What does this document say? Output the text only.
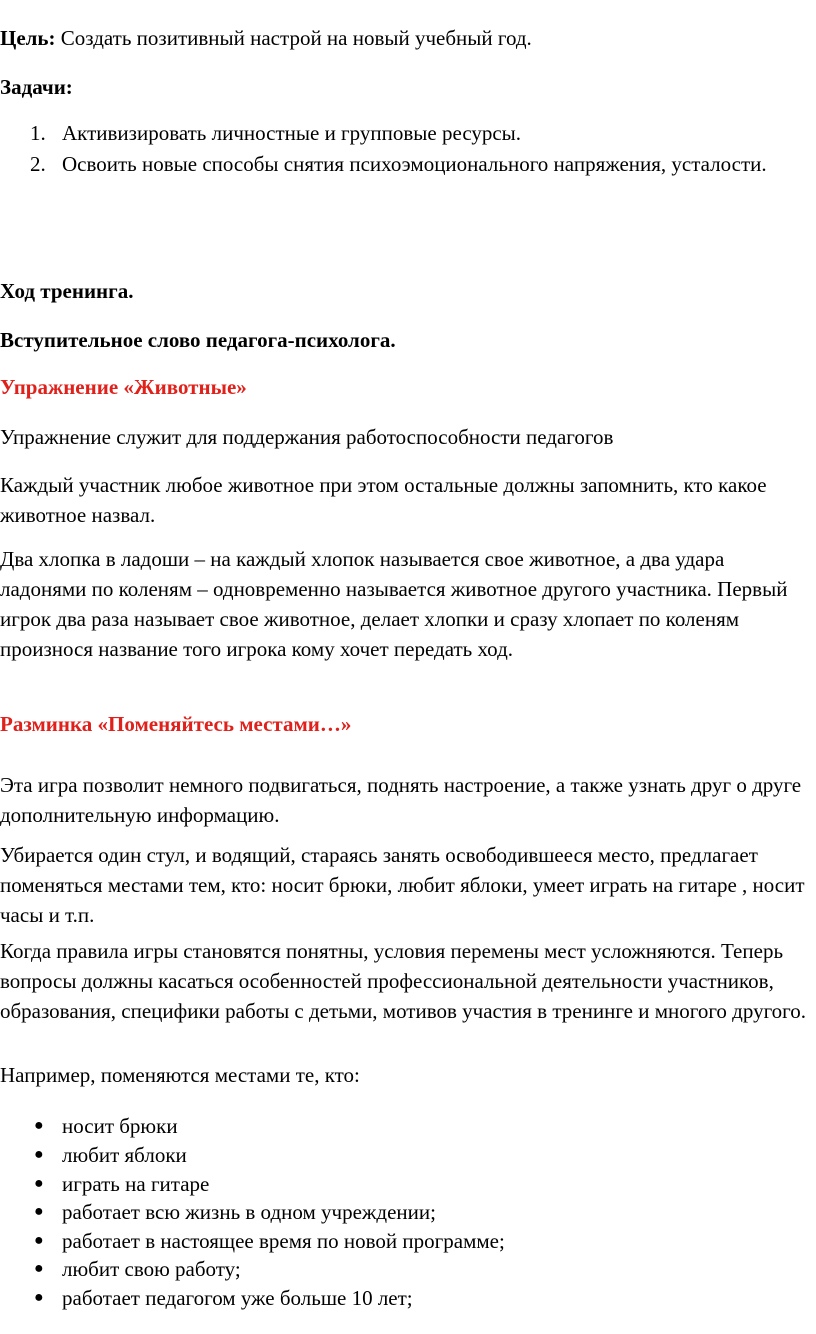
Цель: Создать позитивный настрой на новый учебный год.

Задачи:

1. Активизировать личностные и групповые ресурсы.
2. Освоить новые способы снятия психоэмоционального напряжения, усталости.

Ход тренинга.

Вступительное слово педагога-психолога.

Упражнение «Животные»

Упражнение служит для поддержания работоспособности педагогов

Каждый участник любое животное при этом остальные должны запомнить, кто какое животное назвал.

Два хлопка в ладоши – на каждый хлопок называется свое животное, а два удара ладонями по коленям – одновременно называется животное другого участника. Первый игрок два раза называет свое животное, делает хлопки и сразу хлопает по коленям произнося название того игрока кому хочет передать ход.

Разминка «Поменяйтесь местами…»

Эта игра позволит немного подвигаться, поднять настроение, а также узнать друг о друге дополнительную информацию.

Убирается один стул, и водящий, стараясь занять освободившееся место, предлагает поменяться местами тем, кто: носит брюки, любит яблоки, умеет играть на гитаре , носит часы и т.п.

Когда правила игры становятся понятны, условия перемены мест усложняются. Теперь вопросы должны касаться особенностей профессиональной деятельности участников, образования, специфики работы с детьми, мотивов участия в тренинге и многого другого.

Например, поменяются местами те, кто:

● носит брюки
● любит яблоки
● играть на гитаре
● работает всю жизнь в одном учреждении;
● работает в настоящее время по новой программе;
● любит свою работу;
● работает педагогом уже больше 10 лет;
